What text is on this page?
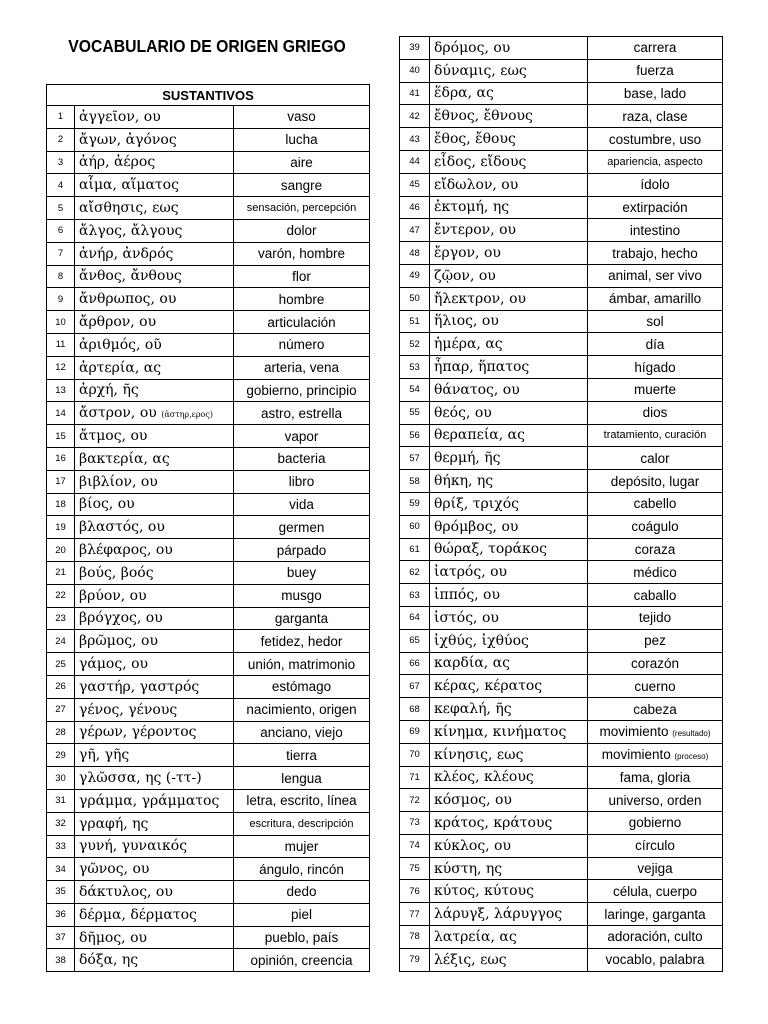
VOCABULARIO DE ORIGEN GRIEGO
SUSTANTIVOS		
1	ἀγγεῖον, ου	vaso
2	ἄγων, ἀγόνος	lucha
3	ἀήρ, ἀέρος	aire
4	αἷμα, αἵματος	sangre
5	αἴσθησις, εως	sensación, percepción
6	ἄλγος, ἄλγους	dolor
7	ἀνήρ, ἀνδρός	varón, hombre
8	ἄνθος, ἄνθους	flor
9	ἄνθρωπος, ου	hombre
10	ἄρθρον, ου	articulación
11	ἀριθμός, οῦ	número
12	ἀρτερία, ας	arteria, vena
13	ἀρχή, ῆς	gobierno, principio
14	ἄστρον, ου (ἀστηρ,ερος)	astro, estrella
15	ἄτμος, ου	vapor
16	βακτερία, ας	bacteria
17	βιβλίον, ου	libro
18	βίος, ου	vida
19	βλαστός, ου	germen
20	βλέφαρος, ου	párpado
21	βούς, βοός	buey
22	βρύον, ου	musgo
23	βρόγχος, ου	garganta
24	βρῶμος, ου	fetidez, hedor
25	γάμος, ου	unión, matrimonio
26	γαστήρ, γαστρός	estómago
27	γένος, γένους	nacimiento, origen
28	γέρων, γέροντος	anciano, viejo
29	γῆ, γῆς	tierra
30	γλῶσσα, ης (-ττ-)	lengua
31	γράμμα, γράμματος	letra, escrito, línea
32	γραφή, ης	escritura, descripción
33	γυνή, γυναικός	mujer
34	γῶνος, ου	ángulo, rincón
35	δάκτυλος, ου	dedo
36	δέρμα, δέρματος	piel
37	δῆμος, ου	pueblo, país
38	δόξα, ης	opinión, creencia
39	δρόμος, ου	carrera
40	δύναμις, εως	fuerza
41	ἕδρα, ας	base, lado
42	ἔθνος, ἔθνους	raza, clase
43	ἔθος, ἔθους	costumbre, uso
44	εἶδος, εἴδους	apariencia, aspecto
45	εἴδωλον, ου	ídolo
46	ἐκτομή, ης	extirpación
47	ἔντερον, ου	intestino
48	ἔργον, ου	trabajo, hecho
49	ζῷον, ου	animal, ser vivo
50	ἤλεκτρον, ου	ámbar, amarillo
51	ἥλιος, ου	sol
52	ἡμέρα, ας	día
53	ἧπαρ, ἥπατος	hígado
54	θάνατος, ου	muerte
55	θεός, ου	dios
56	θεραπεία, ας	tratamiento, curación
57	θερμή, ῆς	calor
58	θήκη, ης	depósito, lugar
59	θρίξ, τριχός	cabello
60	θρόμβος, ου	coágulo
61	θώραξ, τοράκος	coraza
62	ἰατρός, ου	médico
63	ἱππός, ου	caballo
64	ἱστός, ου	tejido
65	ἰχθύς, ἰχθύος	pez
66	καρδία, ας	corazón
67	κέρας, κέρατος	cuerno
68	κεφαλή, ῆς	cabeza
69	κίνημα, κινήματος	movimiento (resultado)
70	κίνησις, εως	movimiento (proceso)
71	κλέος, κλέους	fama, gloria
72	κόσμος, ου	universo, orden
73	κράτος, κράτους	gobierno
74	κύκλος, ου	círculo
75	κύστη, ης	vejiga
76	κύτος, κύτους	célula, cuerpo
77	λάρυγξ, λάρυγγος	laringe, garganta
78	λατρεία, ας	adoración, culto
79	λέξις, εως	vocablo, palabra
